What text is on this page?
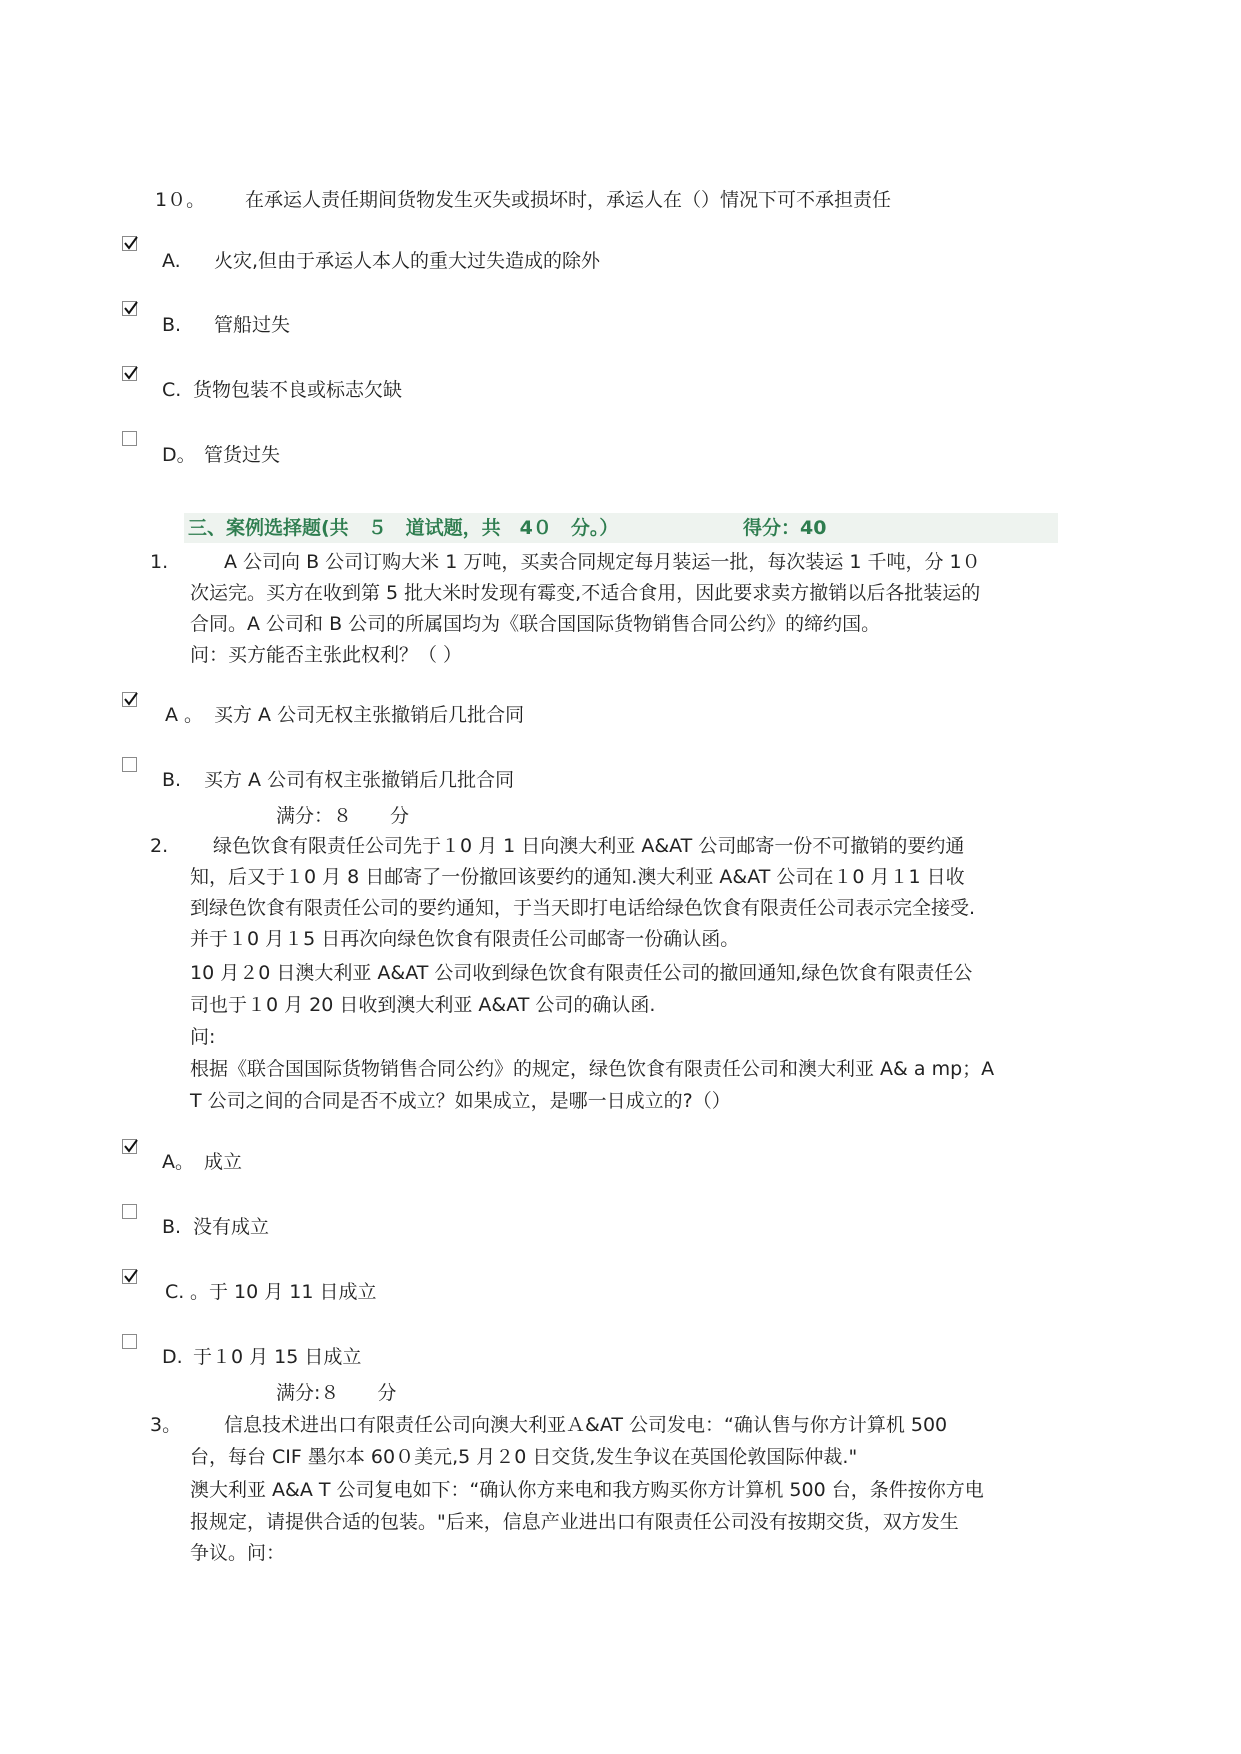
1０。 在承运人责任期间货物发生灭失或损坏时，承运人在（）情况下可不承担责任
A. 火灾,但由于承运人本人的重大过失造成的除外
B. 管船过失
C. 货物包装不良或标志欠缺
D。 管货过失
三、案例选择题(共　５　道试题，共　4０　分。）	得分：40
1.	A 公司向 B 公司订购大米 1 万吨，买卖合同规定每月装运一批，每次装运 1 千吨，分 1０
次运完。买方在收到第 5 批大米时发现有霉变,不适合食用，因此要求卖方撤销以后各批装运的
合同。A 公司和 B 公司的所属国均为《联合国国际货物销售合同公约》的缔约国。
问：买方能否主张此权利？（ ）
A 。 买方 A 公司无权主张撤销后几批合同
B. 买方 A 公司有权主张撤销后几批合同
满分：８　　分
2. 绿色饮食有限责任公司先于１0 月 1 日向澳大利亚 A&AT 公司邮寄一份不可撤销的要约通
知，后又于１0 月 8 日邮寄了一份撤回该要约的通知.澳大利亚 A&AT 公司在１0 月１1 日收
到绿色饮食有限责任公司的要约通知，于当天即打电话给绿色饮食有限责任公司表示完全接受.
并于１0 月１5 日再次向绿色饮食有限责任公司邮寄一份确认函。
10 月２0 日澳大利亚 A&AT 公司收到绿色饮食有限责任公司的撤回通知,绿色饮食有限责任公
司也于１0 月 20 日收到澳大利亚 A&AT 公司的确认函.
问:
根据《联合国国际货物销售合同公约》的规定，绿色饮食有限责任公司和澳大利亚 A& a mp；A
T 公司之间的合同是否不成立？如果成立，是哪一日成立的?（）
A。 成立
B. 没有成立
C. 。于 10 月 11 日成立
D. 于１0 月 15 日成立
满分:８　　分
3。 信息技术进出口有限责任公司向澳大利亚Ａ&AT 公司发电：“确认售与你方计算机 500
台，每台 CIF 墨尔本 60０美元,5 月２0 日交货,发生争议在英国伦敦国际仲裁."
澳大利亚 A&A T 公司复电如下：“确认你方来电和我方购买你方计算机 500 台，条件按你方电
报规定，请提供合适的包装。"后来，信息产业进出口有限责任公司没有按期交货，双方发生
争议。问：
